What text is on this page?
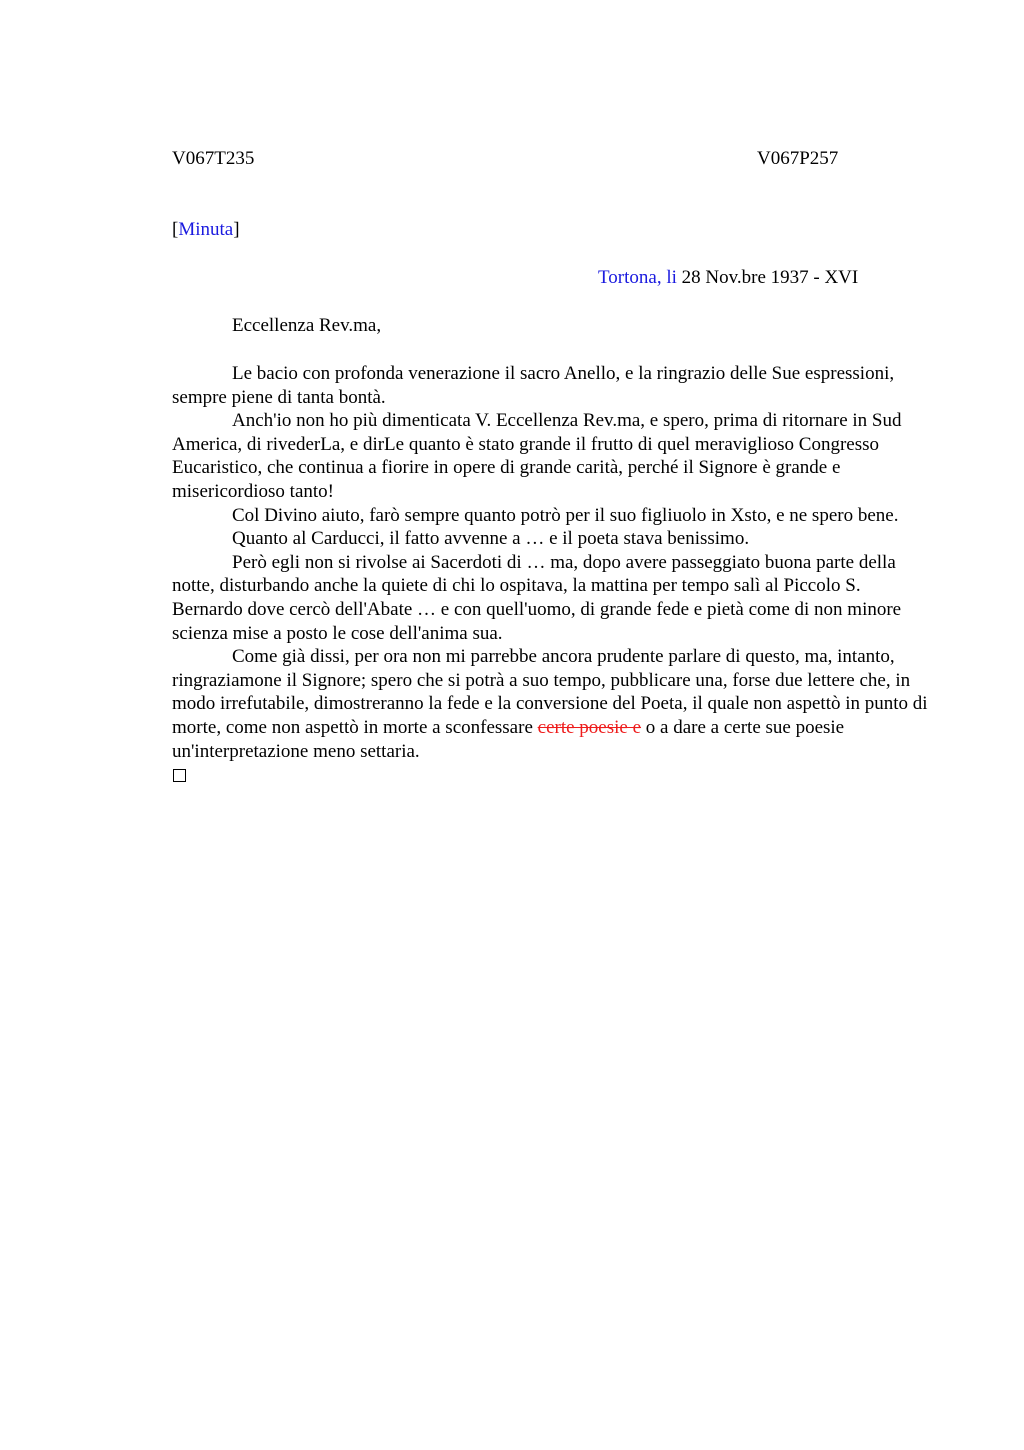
V067T235	V067P257
[Minuta]
Tortona, li 28 Nov.bre 1937 - XVI
Eccellenza Rev.ma,

Le bacio con profonda venerazione il sacro Anello, e la ringrazio delle Sue espressioni, sempre piene di tanta bontà.

Anch'io non ho più dimenticata V. Eccellenza Rev.ma, e spero, prima di ritornare in Sud America, di rivederLa, e dirLe quanto è stato grande il frutto di quel meraviglioso Congresso Eucaristico, che continua a fiorire in opere di grande carità, perché il Signore è grande e misericordioso tanto!

Col Divino aiuto, farò sempre quanto potrò per il suo figliuolo in Xsto, e ne spero bene.

Quanto al Carducci, il fatto avvenne a … e il poeta stava benissimo.

Però egli non si rivolse ai Sacerdoti di … ma, dopo avere passeggiato buona parte della notte, disturbando anche la quiete di chi lo ospitava, la mattina per tempo salì al Piccolo S. Bernardo dove cercò dell'Abate … e con quell'uomo, di grande fede e pietà come di non minore scienza mise a posto le cose dell'anima sua.

Come già dissi, per ora non mi parrebbe ancora prudente parlare di questo, ma, intanto, ringraziamone il Signore; spero che si potrà a suo tempo, pubblicare una, forse due lettere che, in modo irrefutabile, dimostreranno la fede e la conversione del Poeta, il quale non aspettò in punto di morte, come non aspettò in morte a sconfessare certe poesie e o a dare a certe sue poesie un'interpretazione meno settaria.
